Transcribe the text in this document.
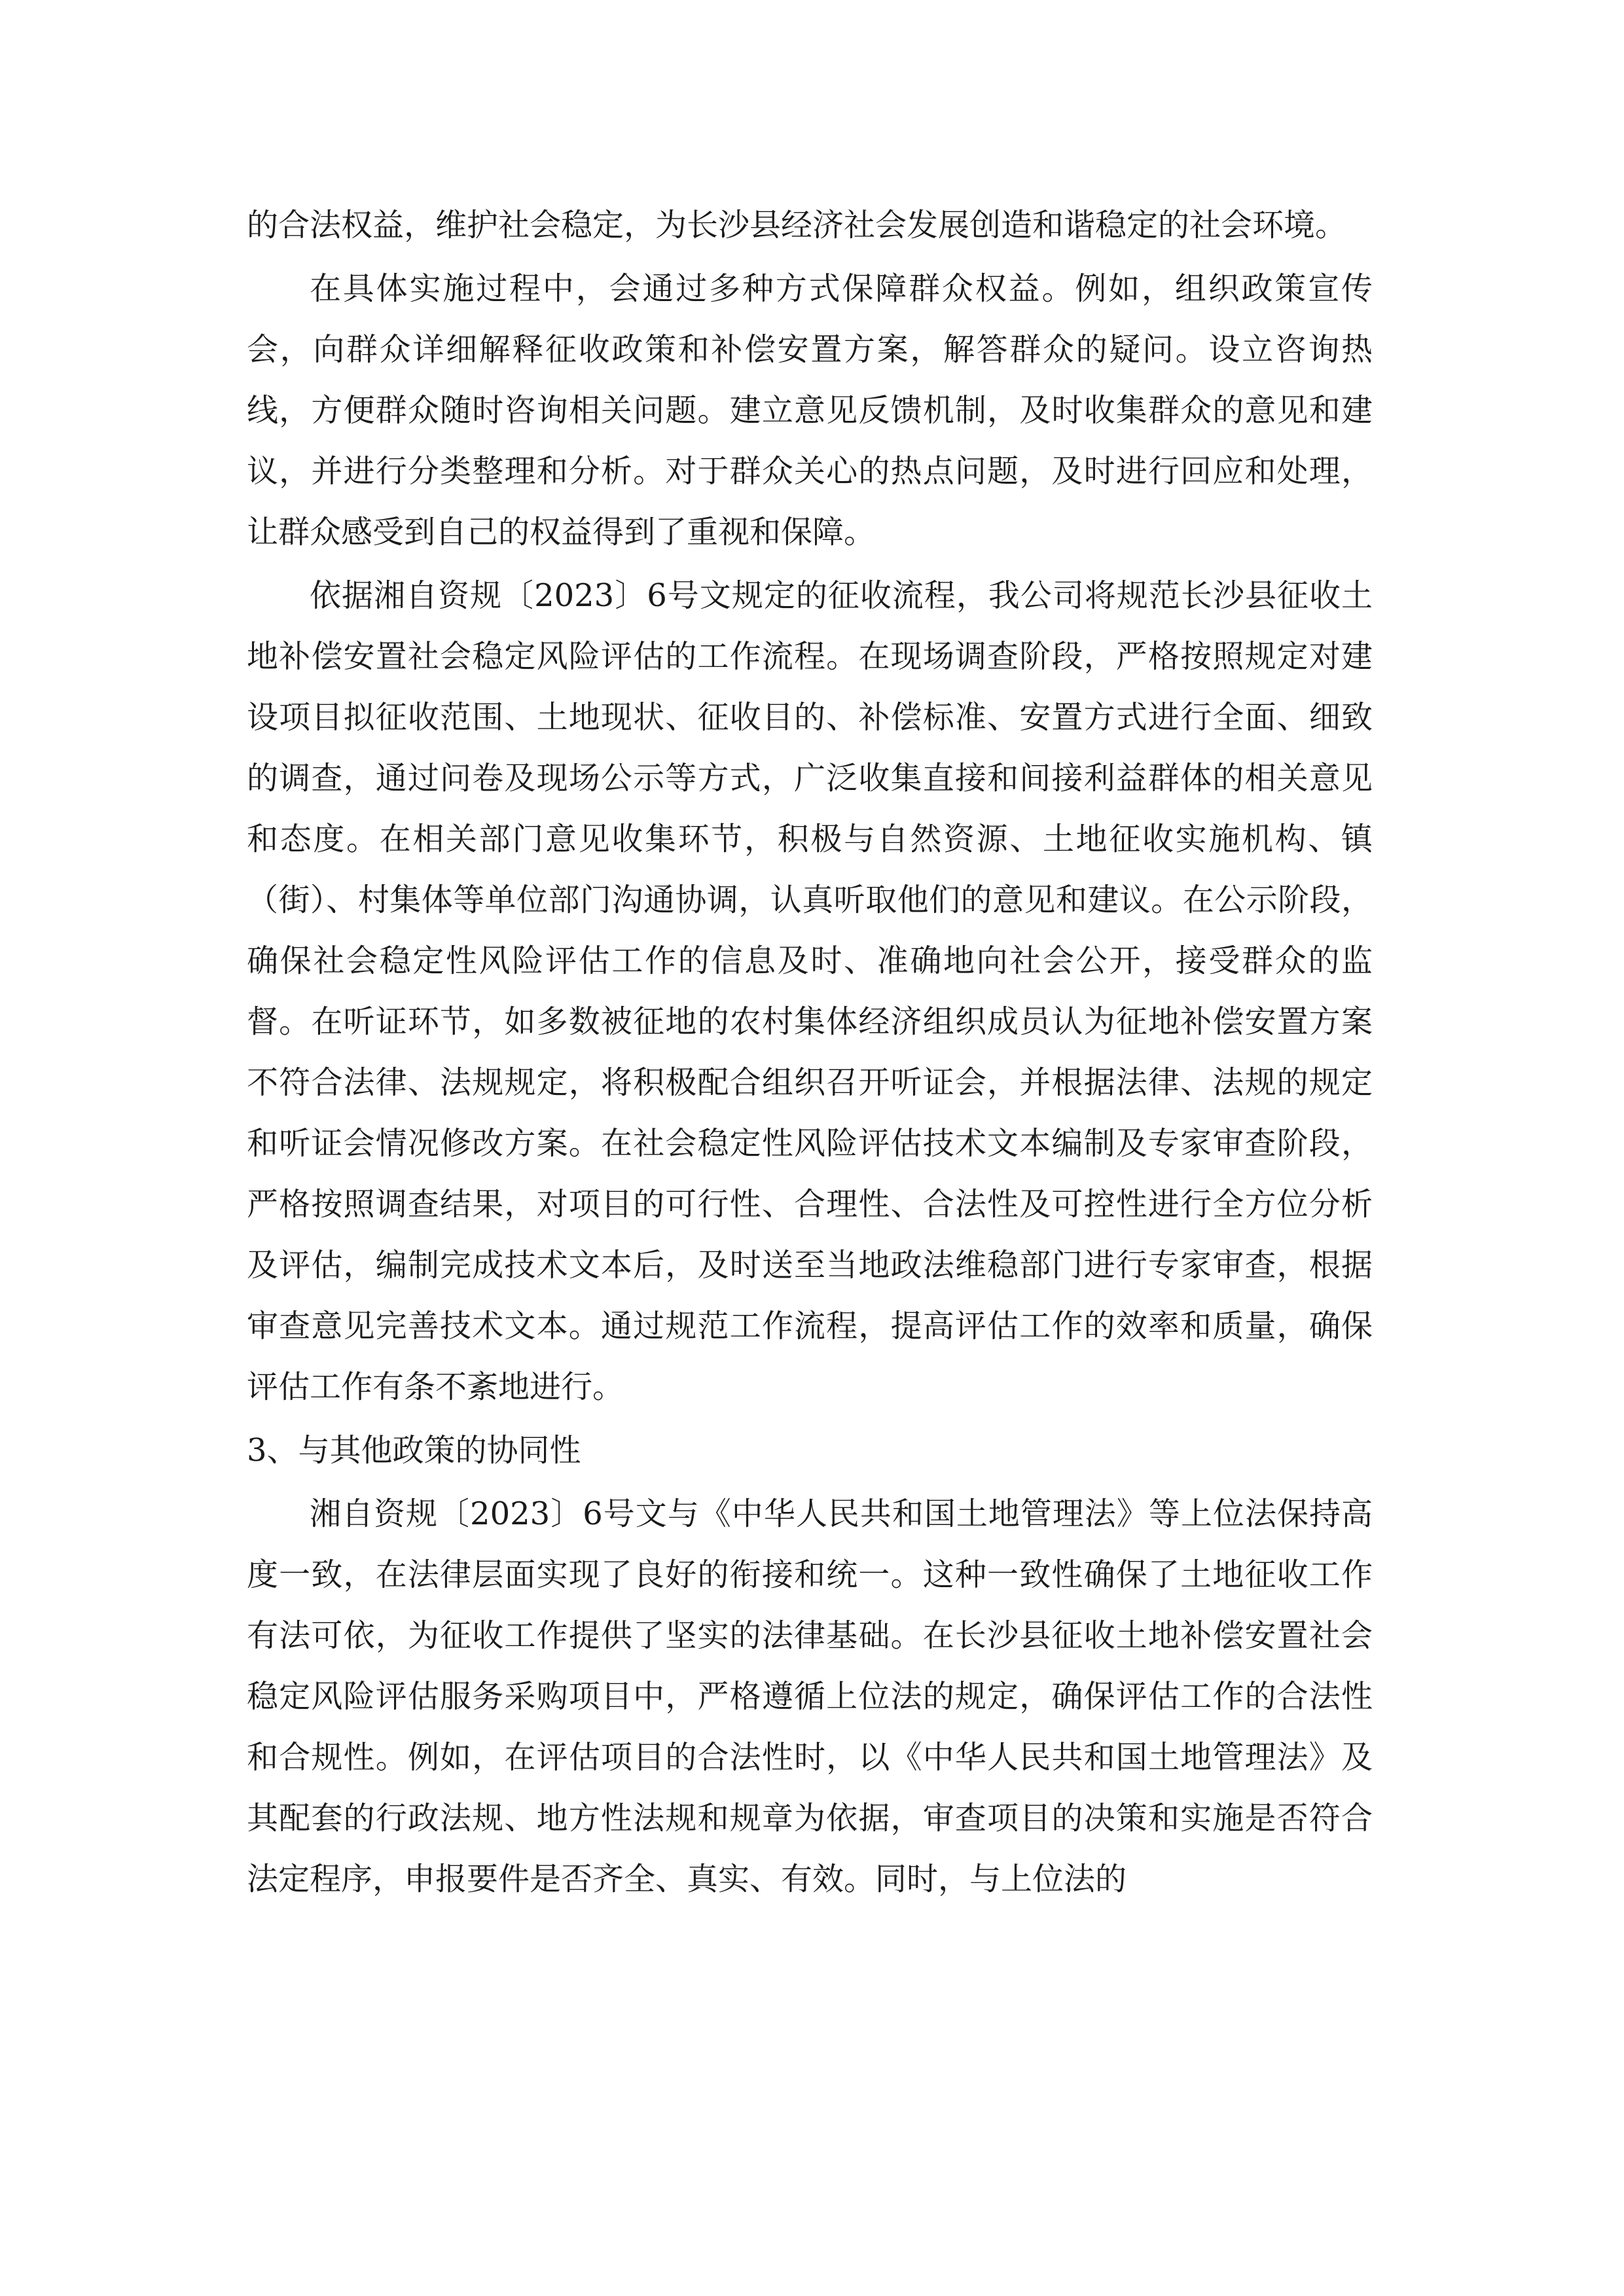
的合法权益，维护社会稳定，为长沙县经济社会发展创造和谐稳定的社会环境。

在具体实施过程中，会通过多种方式保障群众权益。例如，组织政策宣传会，向群众详细解释征收政策和补偿安置方案，解答群众的疑问。设立咨询热线，方便群众随时咨询相关问题。建立意见反馈机制，及时收集群众的意见和建议，并进行分类整理和分析。对于群众关心的热点问题，及时进行回应和处理，让群众感受到自己的权益得到了重视和保障。

依据湘自资规〔2023〕6号文规定的征收流程，我公司将规范长沙县征收土地补偿安置社会稳定风险评估的工作流程。在现场调查阶段，严格按照规定对建设项目拟征收范围、土地现状、征收目的、补偿标准、安置方式进行全面、细致的调查，通过问卷及现场公示等方式，广泛收集直接和间接利益群体的相关意见和态度。在相关部门意见收集环节，积极与自然资源、土地征收实施机构、镇（街）、村集体等单位部门沟通协调，认真听取他们的意见和建议。在公示阶段，确保社会稳定性风险评估工作的信息及时、准确地向社会公开，接受群众的监督。在听证环节，如多数被征地的农村集体经济组织成员认为征地补偿安置方案不符合法律、法规规定，将积极配合组织召开听证会，并根据法律、法规的规定和听证会情况修改方案。在社会稳定性风险评估技术文本编制及专家审查阶段，严格按照调查结果，对项目的可行性、合理性、合法性及可控性进行全方位分析及评估，编制完成技术文本后，及时送至当地政法维稳部门进行专家审查，根据审查意见完善技术文本。通过规范工作流程，提高评估工作的效率和质量，确保评估工作有条不紊地进行。

3、与其他政策的协同性

湘自资规〔2023〕6号文与《中华人民共和国土地管理法》等上位法保持高度一致，在法律层面实现了良好的衔接和统一。这种一致性确保了土地征收工作有法可依，为征收工作提供了坚实的法律基础。在长沙县征收土地补偿安置社会稳定风险评估服务采购项目中，严格遵循上位法的规定，确保评估工作的合法性和合规性。例如，在评估项目的合法性时，以《中华人民共和国土地管理法》及其配套的行政法规、地方性法规和规章为依据，审查项目的决策和实施是否符合法定程序，申报要件是否齐全、真实、有效。同时，与上位法的
